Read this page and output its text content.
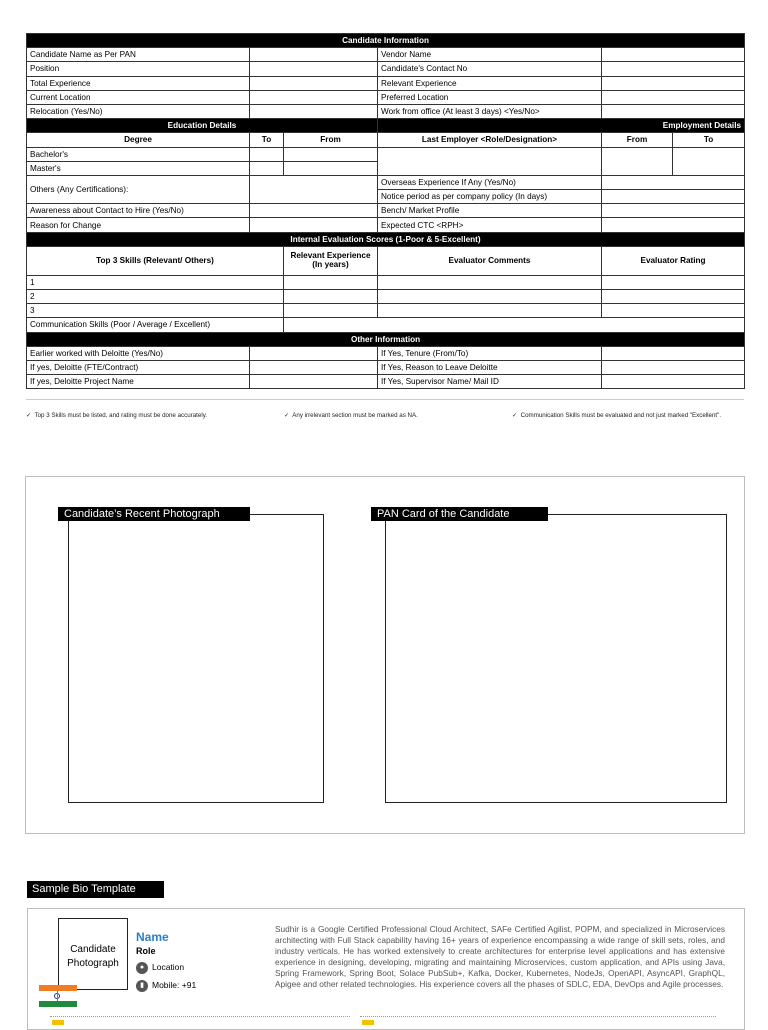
Candidate Information					
Candidate Name as Per PAN			Vendor Name		
Position			Candidate's Contact No		
Total Experience			Relevant Experience		
Current Location			Preferred Location		
Relocation (Yes/No)			Work from office (At least 3 days) <Yes/No>		
Education Details			Employment Details		
Degree	To	From	Last Employer <Role/Designation>	From	To
Bachelor's					
Master's					
Others (Any Certifications):			Overseas Experience If Any (Yes/No)		
			Notice period as per company policy (In days)		
Awareness about Contact to Hire (Yes/No)			Bench/ Market Profile		
Reason for Change			Expected CTC <RPH>		
Internal Evaluation Scores (1-Poor & 5-Excellent)					
Top 3 Skills (Relevant/ Others)		Relevant Experience (In years)	Evaluator Comments	Evaluator Rating	
1					
2					
3					
Communication Skills (Poor / Average / Excellent)					
Other Information					
Earlier worked with Deloitte (Yes/No)			If Yes, Tenure (From/To)		
If yes, Deloitte (FTE/Contract)			If Yes, Reason to Leave Deloitte		
If yes, Deloitte Project Name			If Yes, Supervisor Name/ Mail ID		
✓ Top 3 Skills must be listed, and rating must be done accurately.	✓ Any irrelevant section must be marked as NA.	✓ Communication Skills must be evaluated and not just marked "Excellent".
Candidate’s Recent Photograph	PAN Card of the Candidate
Sample Bio Template
Candidate
Photograph
Name
Role
● Location
▮ Mobile: +91
Sudhir is a Google Certified Professional Cloud Architect, SAFe Certified Agilist, POPM, and specialized in Microservices architecting with Full Stack capability having 16+ years of experience encompassing a wide range of skill sets, roles, and industry verticals. He has worked extensively to create architectures for enterprise level applications and has extensive experience in designing, developing, migrating and maintaining Microservices, custom application, and APIs using Java, Spring Framework, Spring Boot, Solace PubSub+, Kafka, Docker, Kubernetes, NodeJs, OpenAPI, AsyncAPI, GraphQL, Apigee and other related technologies. His experience covers all the phases of SDLC, EDA, DevOps and Agile processes.
